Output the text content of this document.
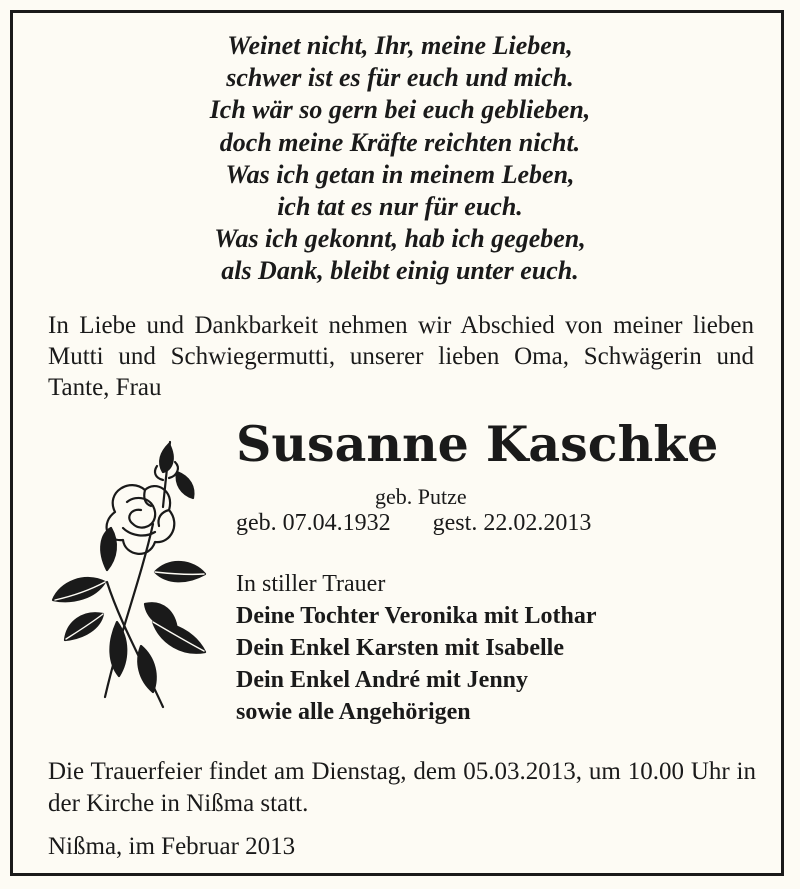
Weinet nicht, Ihr, meine Lieben,
schwer ist es für euch und mich.
Ich wär so gern bei euch geblieben,
doch meine Kräfte reichten nicht.
Was ich getan in meinem Leben,
ich tat es nur für euch.
Was ich gekonnt, hab ich gegeben,
als Dank, bleibt einig unter euch.
In Liebe und Dankbarkeit nehmen wir Abschied von meiner lieben Mutti und Schwiegermutti, unserer lieben Oma, Schwägerin und Tante, Frau
Susanne Kaschke
geb. Putze
geb. 07.04.1932 gest. 22.02.2013
In stiller Trauer
Deine Tochter Veronika mit Lothar
Dein Enkel Karsten mit Isabelle
Dein Enkel André mit Jenny
sowie alle Angehörigen
Die Trauerfeier findet am Dienstag, dem 05.03.2013, um 10.00 Uhr in der Kirche in Nißma statt.
Nißma, im Februar 2013
